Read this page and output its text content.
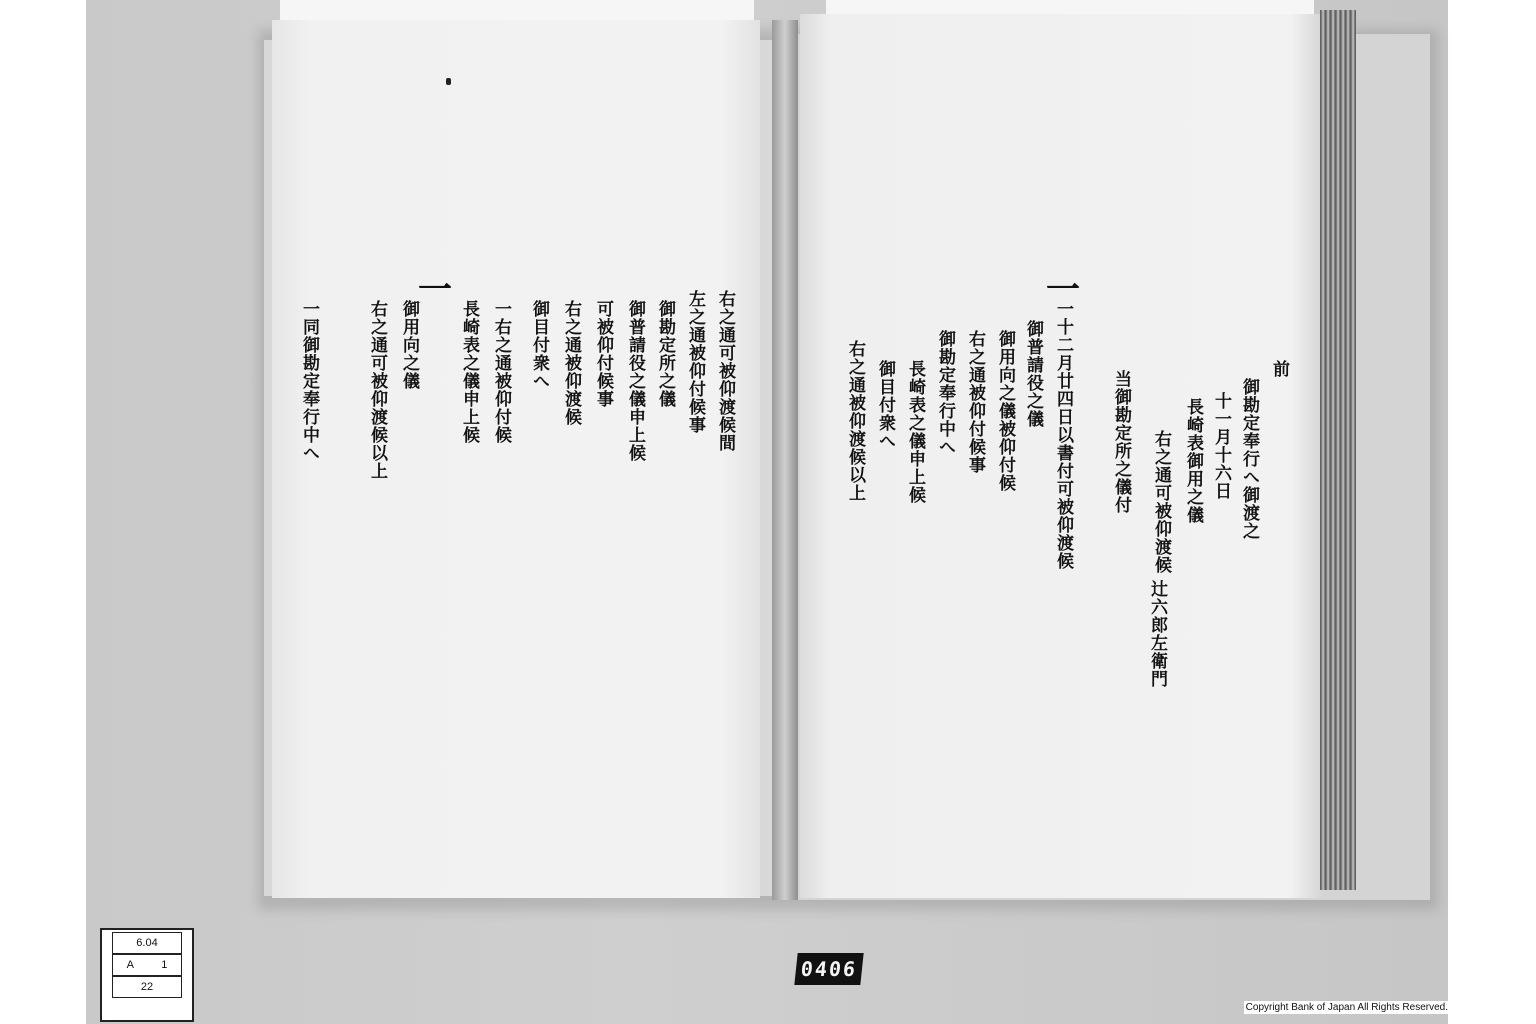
前
御勘定奉行へ御渡之
十一月十六日
長崎表御用之儀
右之通可被仰渡候
辻六郎左衛門
当御勘定所之儀付
一
一十二月廿四日以書付可被仰渡候
御普請役之儀
御用向之儀被仰付候
右之通被仰付候事
御勘定奉行中へ
長崎表之儀申上候
御目付衆へ
右之通被仰渡候以上
右之通可被仰渡候間
左之通被仰付候事
御勘定所之儀
御普請役之儀申上候
可被仰付候事
右之通被仰渡候
御目付衆へ
一右之通被仰付候
長崎表之儀申上候
一
御用向之儀
右之通可被仰渡候以上
一同御勘定奉行中へ
6.04
A 1
22
0406
Copyright Bank of Japan All Rights Reserved.
